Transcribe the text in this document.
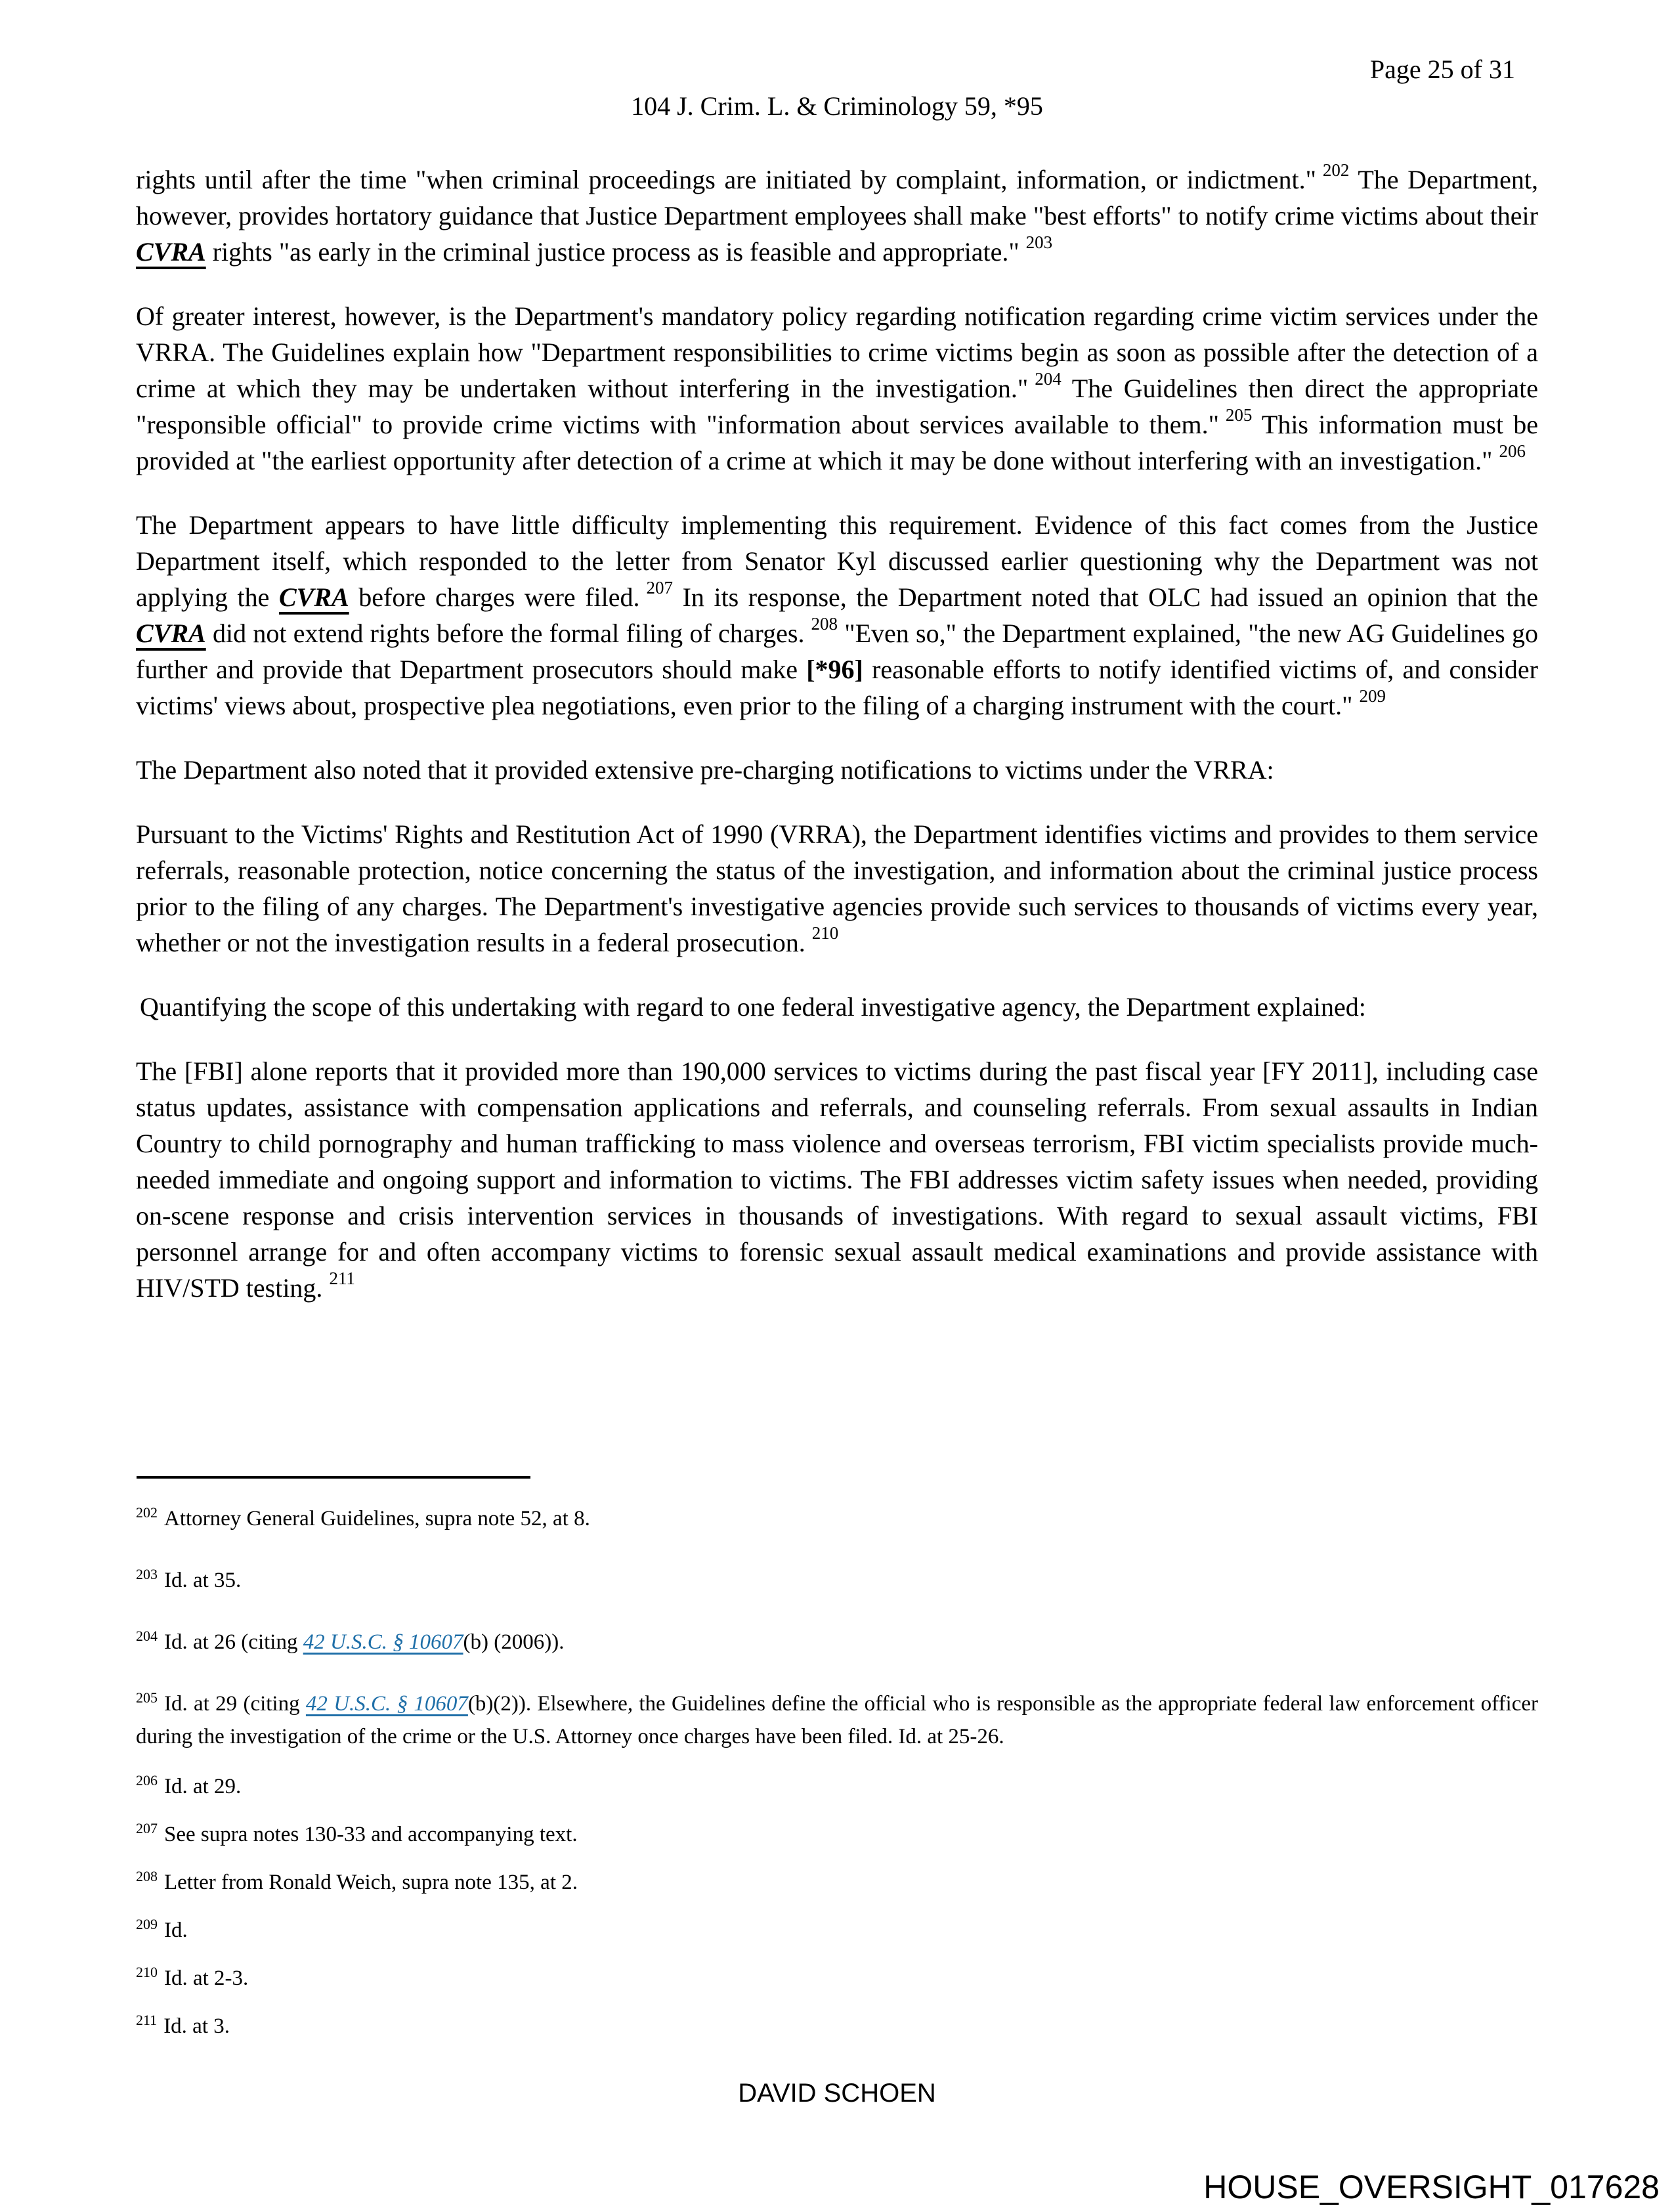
Page 25 of 31
104 J. Crim. L. & Criminology 59, *95

rights until after the time "when criminal proceedings are initiated by complaint, information, or indictment." $^{202}$ The Department, however, provides hortatory guidance that Justice Department employees shall make "best efforts" to notify crime victims about their CVRA rights "as early in the criminal justice process as is feasible and appropriate." $^{203}$

Of greater interest, however, is the Department's mandatory policy regarding notification regarding crime victim services under the VRRA. The Guidelines explain how "Department responsibilities to crime victims begin as soon as possible after the detection of a crime at which they may be undertaken without interfering in the investigation." $^{204}$ The Guidelines then direct the appropriate "responsible official" to provide crime victims with "information about services available to them." $^{205}$ This information must be provided at "the earliest opportunity after detection of a crime at which it may be done without interfering with an investigation." $^{206}$

The Department appears to have little difficulty implementing this requirement. Evidence of this fact comes from the Justice Department itself, which responded to the letter from Senator Kyl discussed earlier questioning why the Department was not applying the CVRA before charges were filed. $^{207}$ In its response, the Department noted that OLC had issued an opinion that the CVRA did not extend rights before the formal filing of charges. $^{208}$ "Even so," the Department explained, "the new AG Guidelines go further and provide that Department prosecutors should make [*96] reasonable efforts to notify identified victims of, and consider victims' views about, prospective plea negotiations, even prior to the filing of a charging instrument with the court." $^{209}$

The Department also noted that it provided extensive pre-charging notifications to victims under the VRRA:

Pursuant to the Victims' Rights and Restitution Act of 1990 (VRRA), the Department identifies victims and provides to them service referrals, reasonable protection, notice concerning the status of the investigation, and information about the criminal justice process prior to the filing of any charges. The Department's investigative agencies provide such services to thousands of victims every year, whether or not the investigation results in a federal prosecution. $^{210}$

Quantifying the scope of this undertaking with regard to one federal investigative agency, the Department explained:

The [FBI] alone reports that it provided more than 190,000 services to victims during the past fiscal year [FY 2011], including case status updates, assistance with compensation applications and referrals, and counseling referrals. From sexual assaults in Indian Country to child pornography and human trafficking to mass violence and overseas terrorism, FBI victim specialists provide much-needed immediate and ongoing support and information to victims. The FBI addresses victim safety issues when needed, providing on-scene response and crisis intervention services in thousands of investigations. With regard to sexual assault victims, FBI personnel arrange for and often accompany victims to forensic sexual assault medical examinations and provide assistance with HIV/STD testing. $^{211}$

$^{202}$ Attorney General Guidelines, supra note 52, at 8.
$^{203}$ Id. at 35.
$^{204}$ Id. at 26 (citing 42 U.S.C. § 10607(b) (2006)).
$^{205}$ Id. at 29 (citing 42 U.S.C. § 10607(b)(2)). Elsewhere, the Guidelines define the official who is responsible as the appropriate federal law enforcement officer during the investigation of the crime or the U.S. Attorney once charges have been filed. Id. at 25-26.
$^{206}$ Id. at 29.
$^{207}$ See supra notes 130-33 and accompanying text.
$^{208}$ Letter from Ronald Weich, supra note 135, at 2.
$^{209}$ Id.
$^{210}$ Id. at 2-3.
$^{211}$ Id. at 3.
DAVID SCHOEN
HOUSE_OVERSIGHT_017628
